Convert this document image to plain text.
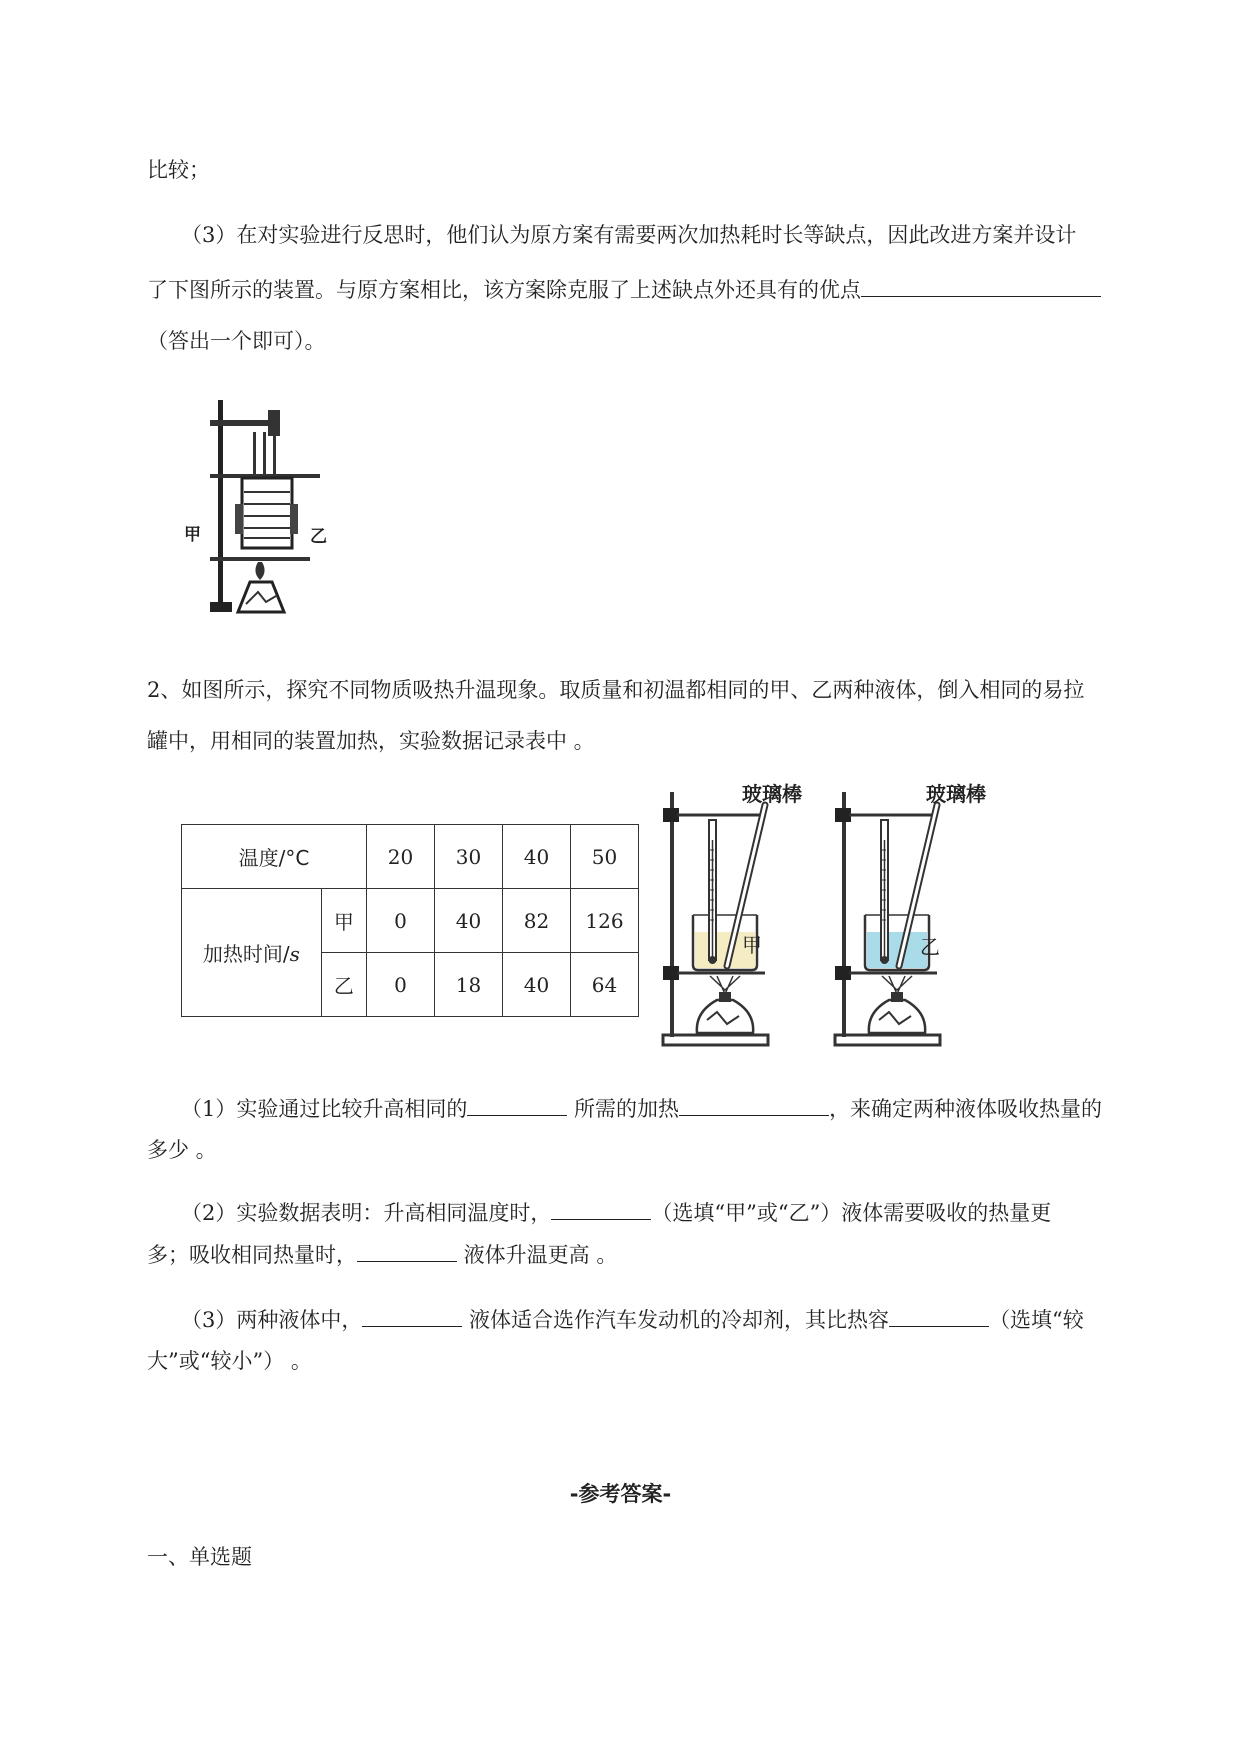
比较；
（3）在对实验进行反思时，他们认为原方案有需要两次加热耗时长等缺点，因此改进方案并设计
了下图所示的装置。与原方案相比，该方案除克服了上述缺点外还具有的优点
（答出一个即可）。
甲	乙
2、如图所示，探究不同物质吸热升温现象。取质量和初温都相同的甲、乙两种液体，倒入相同的易拉
罐中，用相同的装置加热，实验数据记录表中 。
温度/°C		20	30	40	50
加热时间/s	甲	0	40	82	126
	乙	0	18	40	64
玻璃棒	玻璃棒
甲	乙
（1）实验通过比较升高相同的	所需的加热	，来确定两种液体吸收热量的
多少 。
（2）实验数据表明：升高相同温度时，	（选填“甲”或“乙”）液体需要吸收的热量更
多；吸收相同热量时，	液体升温更高 。
（3）两种液体中，	液体适合选作汽车发动机的冷却剂，其比热容	（选填“较
大”或“较小”） 。
-参考答案-
一、单选题
